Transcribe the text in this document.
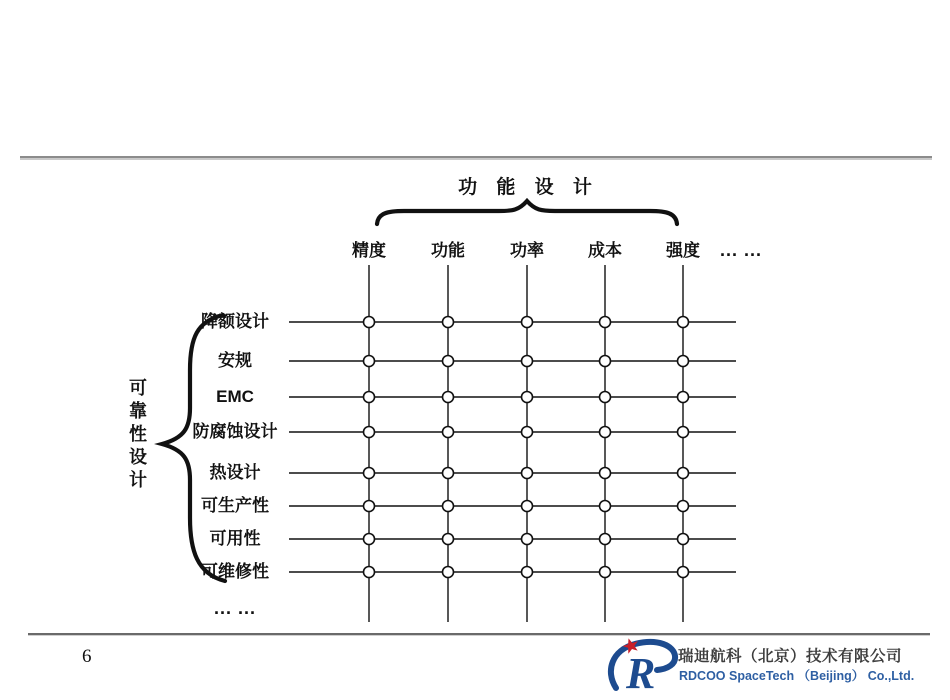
功 能 设 计
精度	功能	功率	成本	强度
降额设计
安规
EMC
防腐蚀设计
热设计
可生产性
可用性
可维修性
... ...
... ...
可靠性设计
6	R 瑞迪航科（北京）技术有限公司
RDCOO SpaceTech （Beijing） Co.,Ltd.
